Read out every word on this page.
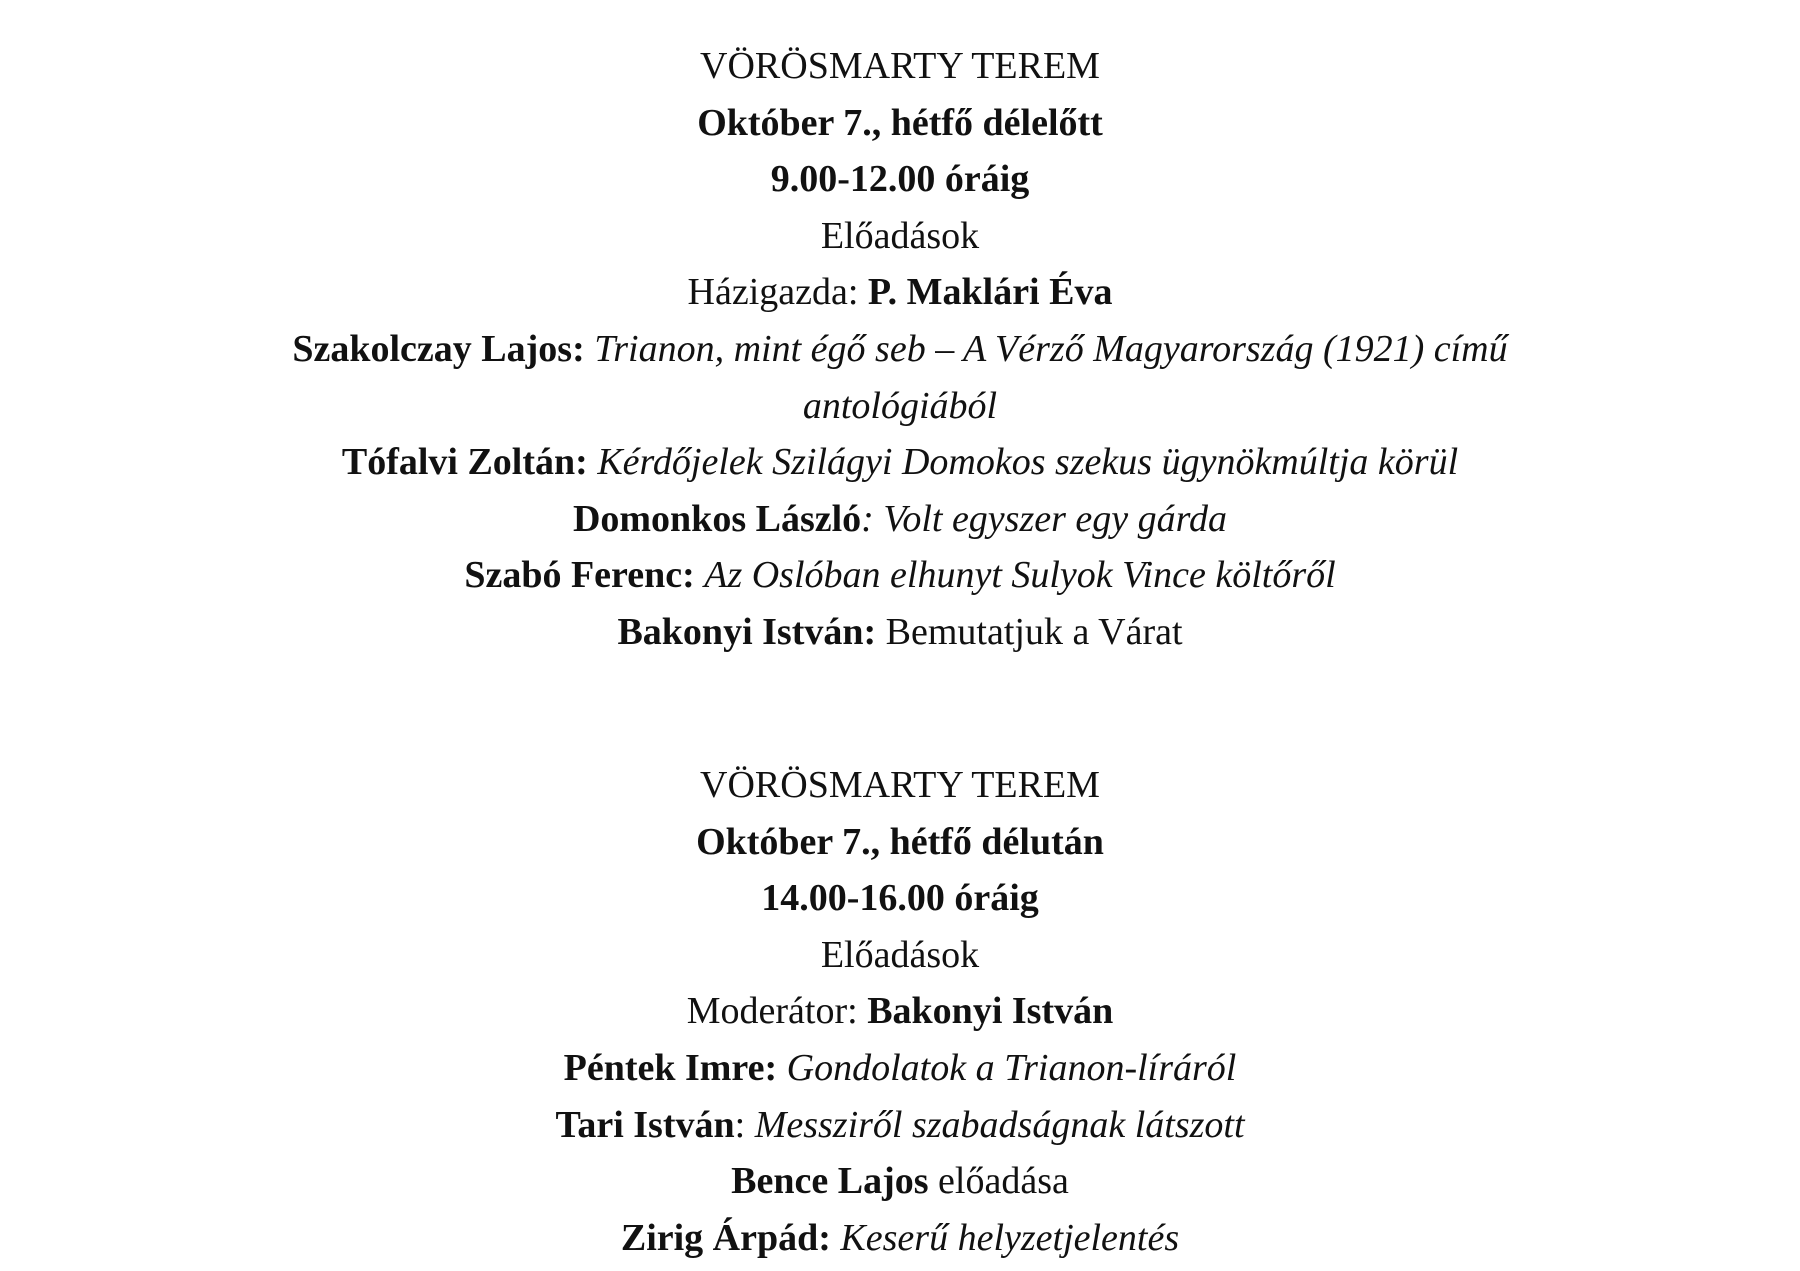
VÖRÖSMARTY TEREM

Október 7., hétfő délelőtt

9.00-12.00 óráig

Előadások

Házigazda: P. Maklári Éva

Szakolczay Lajos: Trianon, mint égő seb – A Vérző Magyarország (1921) című antológiából

Tófalvi Zoltán: Kérdőjelek Szilágyi Domokos szekus ügynökmúltja körül

Domonkos László: Volt egyszer egy gárda

Szabó Ferenc: Az Oslóban elhunyt Sulyok Vince költőről

Bakonyi István: Bemutatjuk a Várat

VÖRÖSMARTY TEREM

Október 7., hétfő délután

14.00-16.00 óráig

Előadások

Moderátor: Bakonyi István

Péntek Imre: Gondolatok a Trianon-líráról

Tari István: Messziről szabadságnak látszott

Bence Lajos előadása

Zirig Árpád: Keserű helyzetjelentés
